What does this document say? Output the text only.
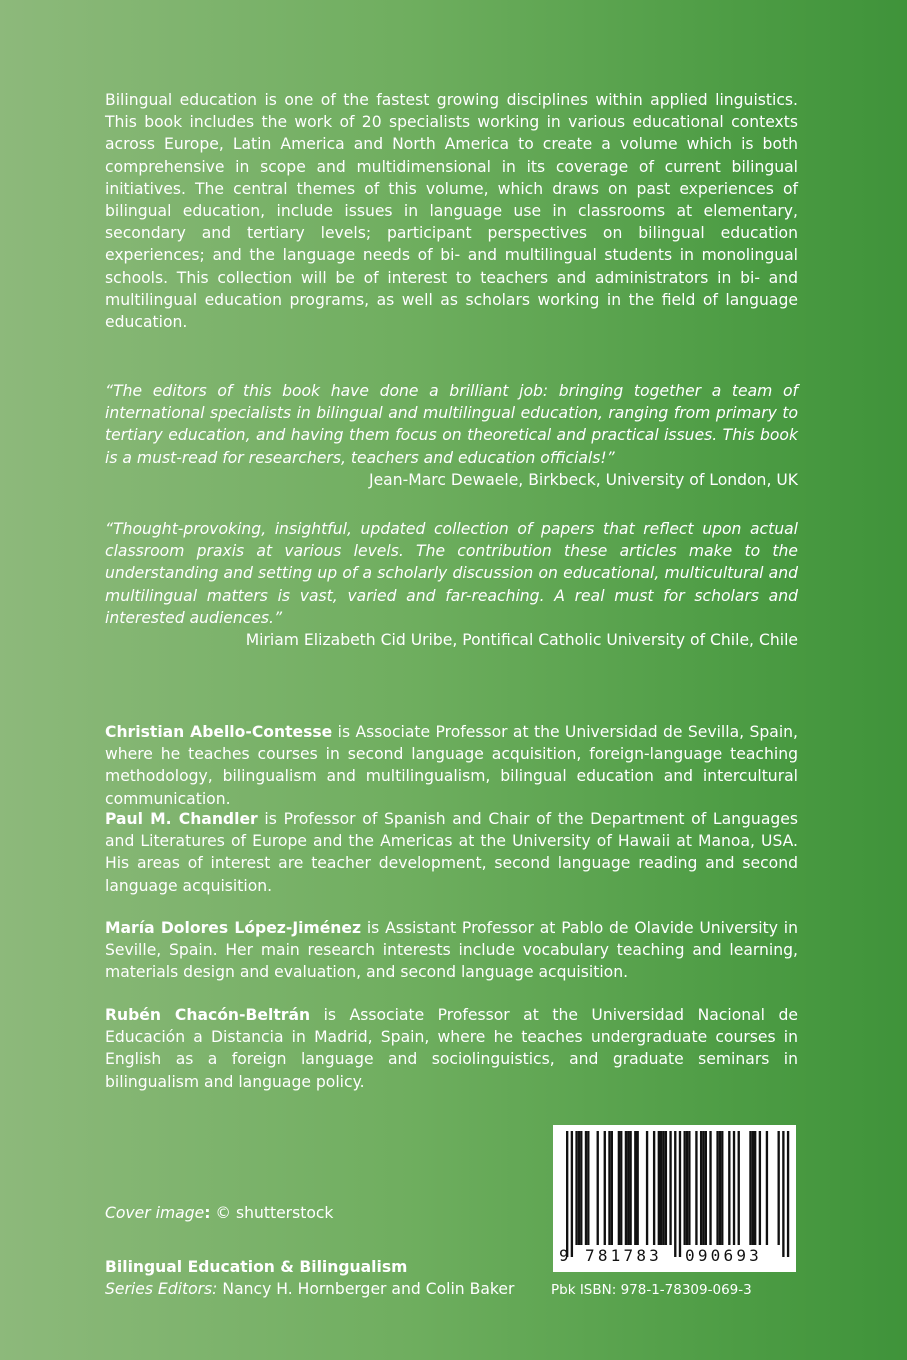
Bilingual education is one of the fastest growing disciplines within applied linguistics. This book includes the work of 20 specialists working in various educational contexts across Europe, Latin America and North America to create a volume which is both comprehensive in scope and multidimensional in its coverage of current bilingual initiatives. The central themes of this volume, which draws on past experiences of bilingual education, include issues in language use in classrooms at elementary, secondary and tertiary levels; participant perspectives on bilingual education experiences; and the language needs of bi- and multilingual students in monolingual schools. This collection will be of interest to teachers and administrators in bi- and multilingual education programs, as well as scholars working in the field of language education.
“The editors of this book have done a brilliant job: bringing together a team of international specialists in bilingual and multilingual education, ranging from primary to tertiary education, and having them focus on theoretical and practical issues. This book is a must-read for researchers, teachers and education officials!”
Jean-Marc Dewaele, Birkbeck, University of London, UK
“Thought-provoking, insightful, updated collection of papers that reflect upon actual classroom praxis at various levels. The contribution these articles make to the understanding and setting up of a scholarly discussion on educational, multicultural and multilingual matters is vast, varied and far-reaching. A real must for scholars and interested audiences.”
Miriam Elizabeth Cid Uribe, Pontifical Catholic University of Chile, Chile
Christian Abello-Contesse is Associate Professor at the Universidad de Sevilla, Spain, where he teaches courses in second language acquisition, foreign-language teaching methodology, bilingualism and multilingualism, bilingual education and intercultural communication.
Paul M. Chandler is Professor of Spanish and Chair of the Department of Languages and Literatures of Europe and the Americas at the University of Hawaii at Manoa, USA. His areas of interest are teacher development, second language reading and second language acquisition.
María Dolores López-Jiménez is Assistant Professor at Pablo de Olavide University in Seville, Spain. Her main research interests include vocabulary teaching and learning, materials design and evaluation, and second language acquisition.
Rubén Chacón-Beltrán is Associate Professor at the Universidad Nacional de Educación a Distancia in Madrid, Spain, where he teaches undergraduate courses in English as a foreign language and sociolinguistics, and graduate seminars in bilingualism and language policy.
Cover image: © shutterstock
Bilingual Education & Bilingualism
Series Editors: Nancy H. Hornberger and Colin Baker
9 781783 090693
Pbk ISBN: 978-1-78309-069-3
